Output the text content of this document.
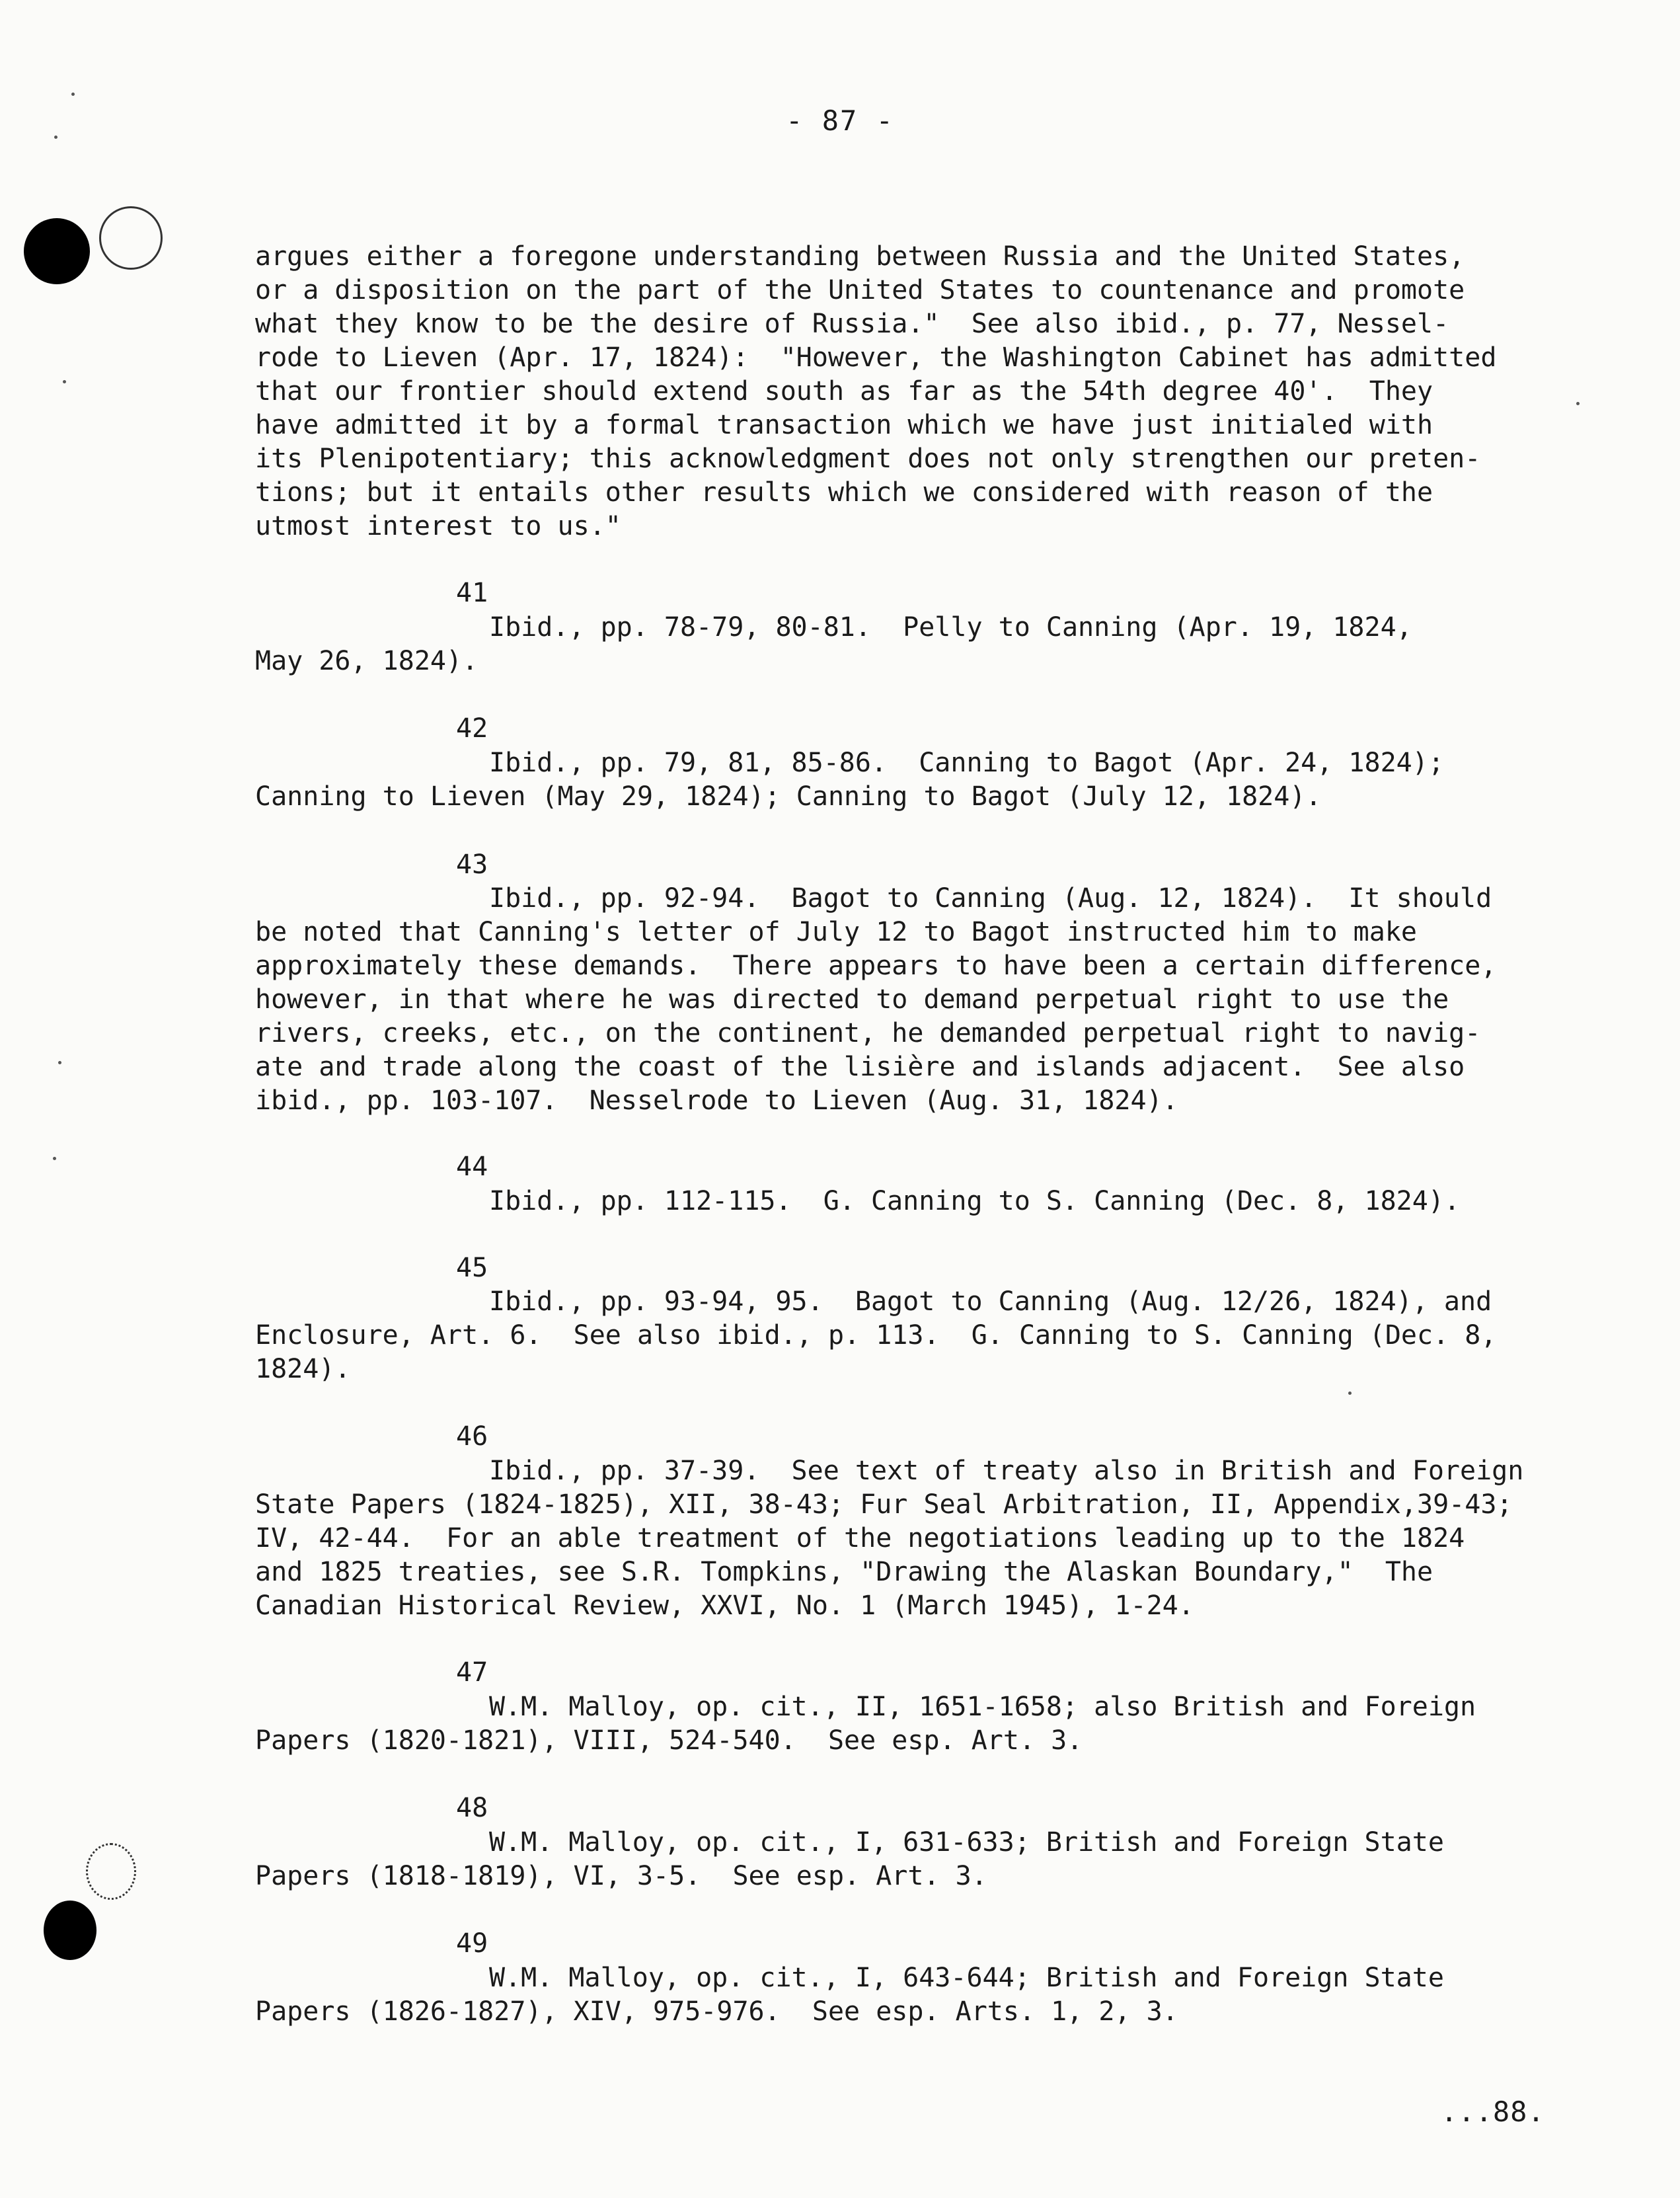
- 87 -
argues either a foregone understanding between Russia and the United States,
or a disposition on the part of the United States to countenance and promote
what they know to be the desire of Russia."  See also ibid., p. 77, Nessel-
rode to Lieven (Apr. 17, 1824):  "However, the Washington Cabinet has admitted
that our frontier should extend south as far as the 54th degree 40'.  They
have admitted it by a formal transaction which we have just initialed with
its Plenipotentiary; this acknowledgment does not only strengthen our preten-
tions; but it entails other results which we considered with reason of the
utmost interest to us."
41
Ibid., pp. 78-79, 80-81.  Pelly to Canning (Apr. 19, 1824,
May 26, 1824).
42
Ibid., pp. 79, 81, 85-86.  Canning to Bagot (Apr. 24, 1824);
Canning to Lieven (May 29, 1824); Canning to Bagot (July 12, 1824).
43
Ibid., pp. 92-94.  Bagot to Canning (Aug. 12, 1824).  It should
be noted that Canning's letter of July 12 to Bagot instructed him to make
approximately these demands.  There appears to have been a certain difference,
however, in that where he was directed to demand perpetual right to use the
rivers, creeks, etc., on the continent, he demanded perpetual right to navig-
ate and trade along the coast of the lisière and islands adjacent.  See also
ibid., pp. 103-107.  Nesselrode to Lieven (Aug. 31, 1824).
44
Ibid., pp. 112-115.  G. Canning to S. Canning (Dec. 8, 1824).
45
Ibid., pp. 93-94, 95.  Bagot to Canning (Aug. 12/26, 1824), and
Enclosure, Art. 6.  See also ibid., p. 113.  G. Canning to S. Canning (Dec. 8,
1824).
46
Ibid., pp. 37-39.  See text of treaty also in British and Foreign
State Papers (1824-1825), XII, 38-43; Fur Seal Arbitration, II, Appendix,39-43;
IV, 42-44.  For an able treatment of the negotiations leading up to the 1824
and 1825 treaties, see S.R. Tompkins, "Drawing the Alaskan Boundary,"  The
Canadian Historical Review, XXVI, No. 1 (March 1945), 1-24.
47
W.M. Malloy, op. cit., II, 1651-1658; also British and Foreign
Papers (1820-1821), VIII, 524-540.  See esp. Art. 3.
48
W.M. Malloy, op. cit., I, 631-633; British and Foreign State
Papers (1818-1819), VI, 3-5.  See esp. Art. 3.
49
W.M. Malloy, op. cit., I, 643-644; British and Foreign State
Papers (1826-1827), XIV, 975-976.  See esp. Arts. 1, 2, 3.
...88.
